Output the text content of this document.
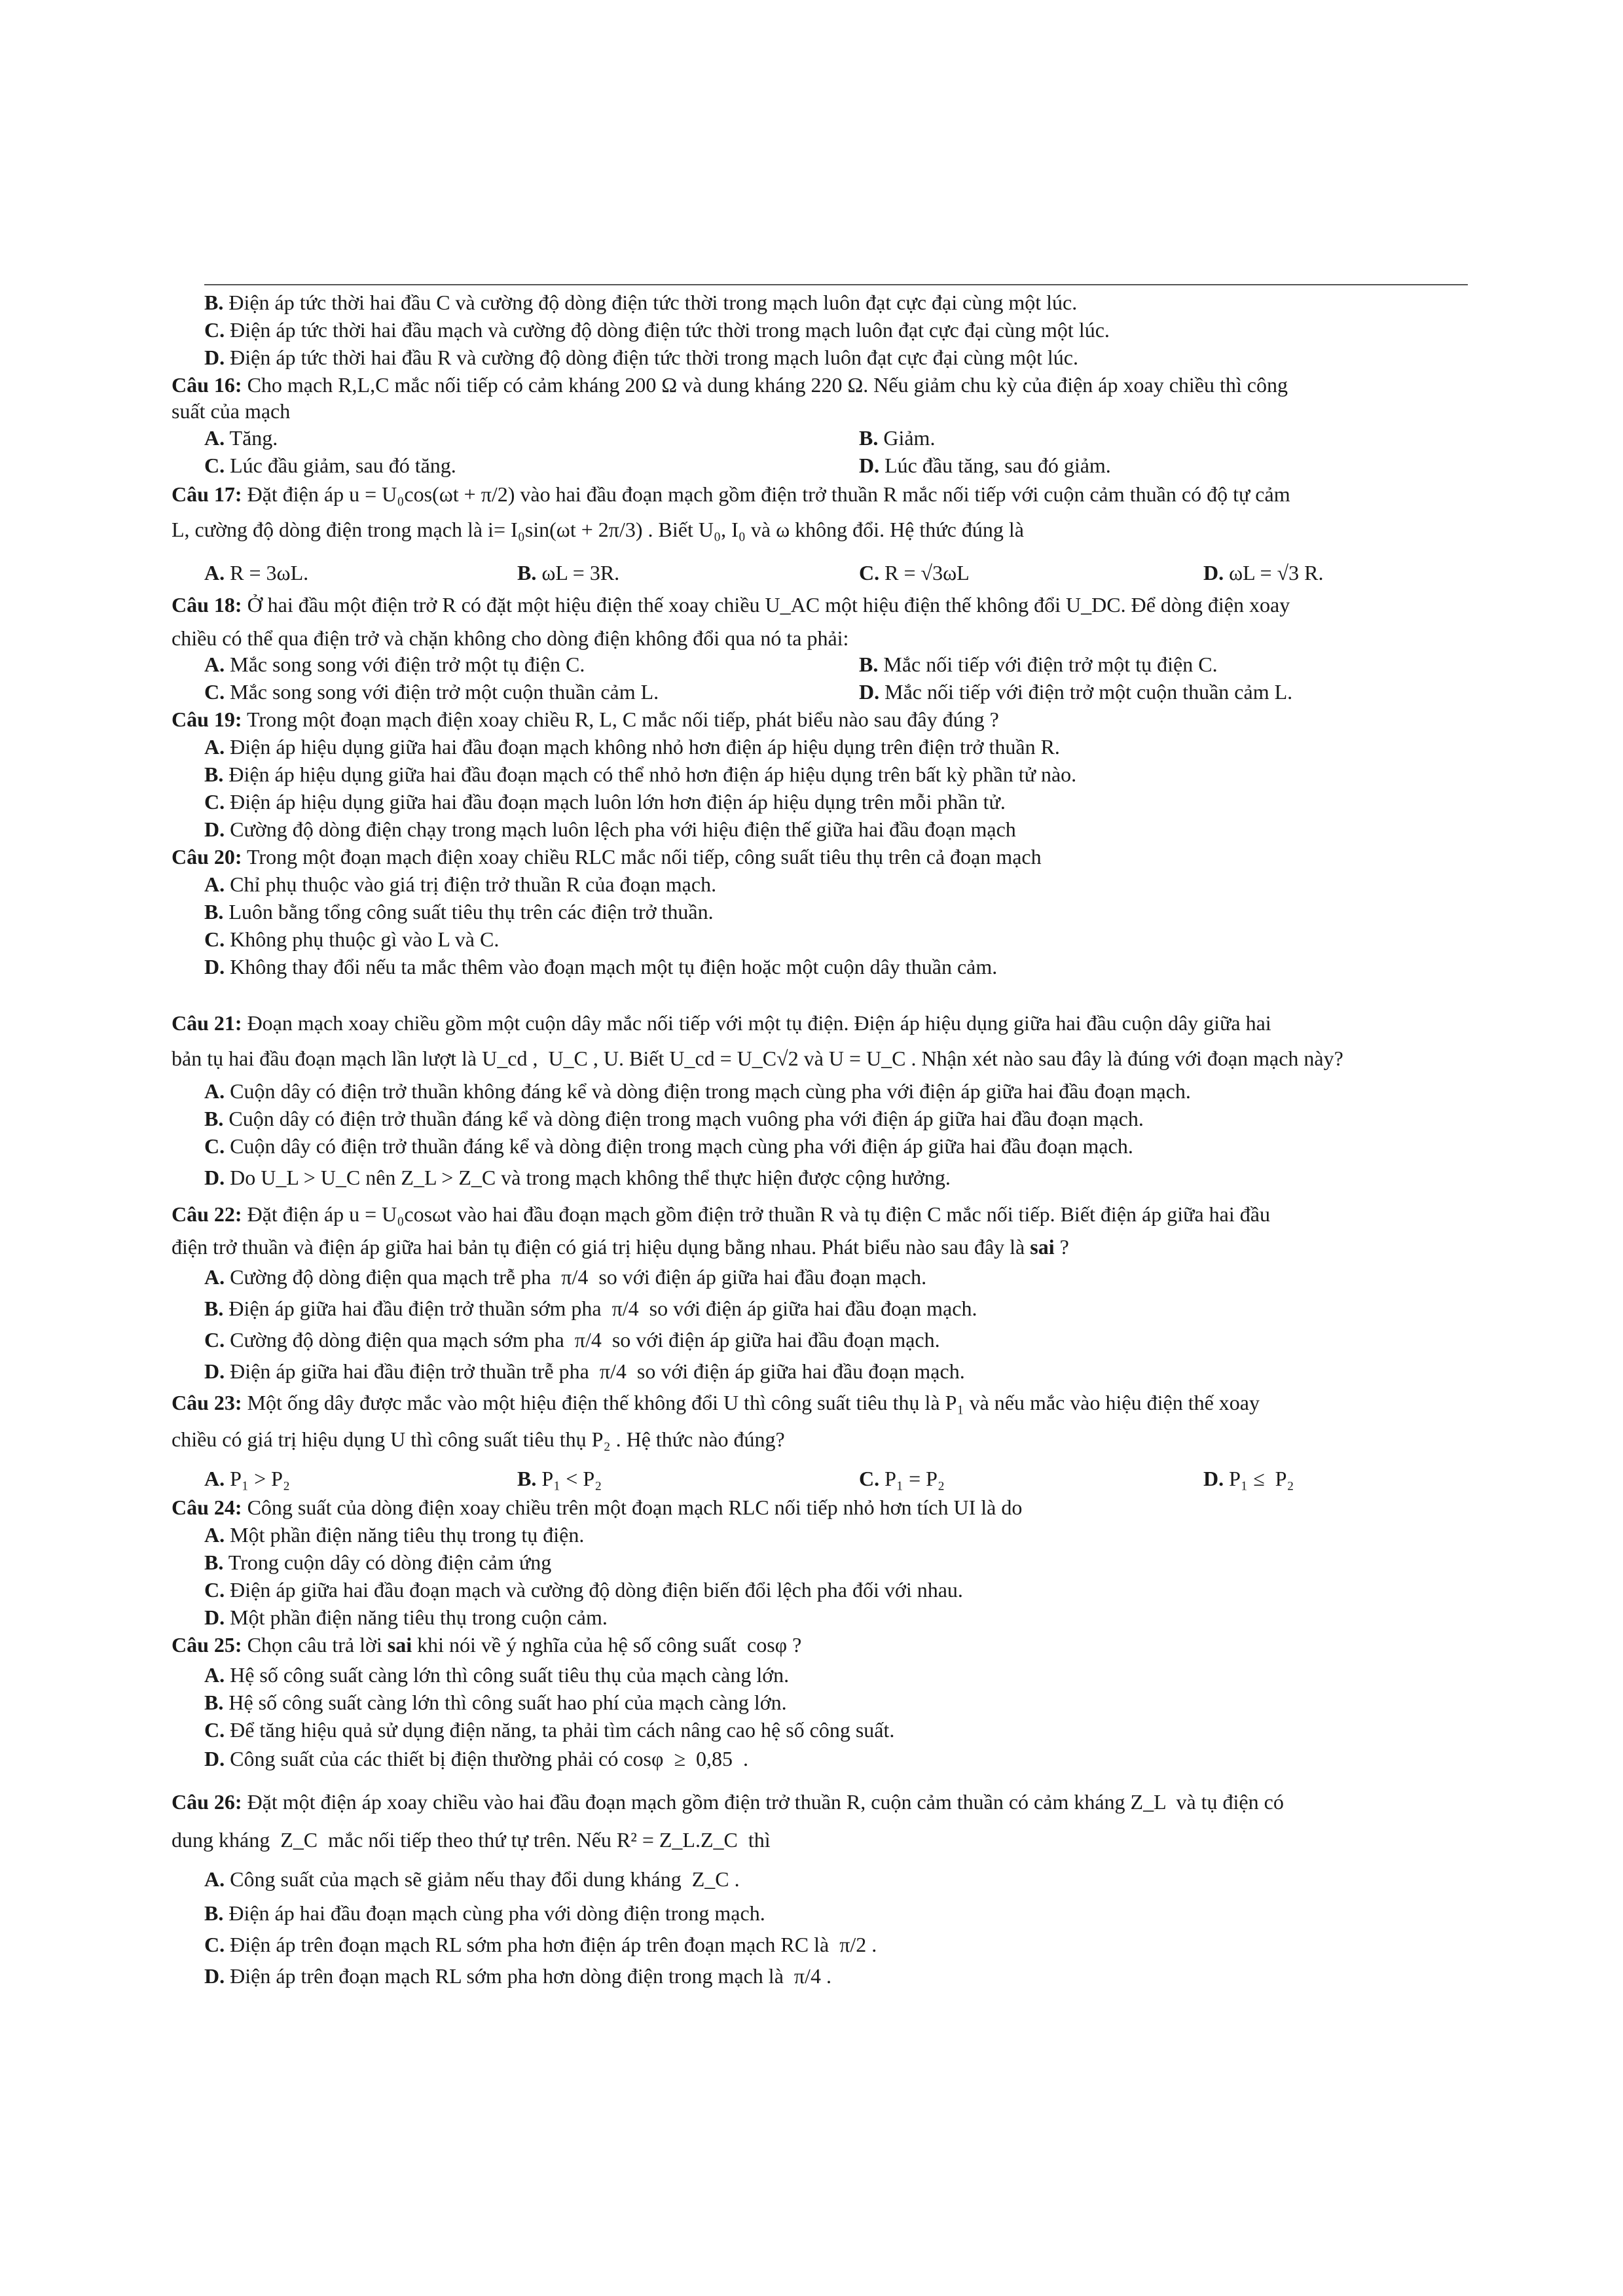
B. Điện áp tức thời hai đầu C và cường độ dòng điện tức thời trong mạch luôn đạt cực đại cùng một lúc.
C. Điện áp tức thời hai đầu mạch và cường độ dòng điện tức thời trong mạch luôn đạt cực đại cùng một lúc.
D. Điện áp tức thời hai đầu R và cường độ dòng điện tức thời trong mạch luôn đạt cực đại cùng một lúc.
Câu 16: Cho mạch R,L,C mắc nối tiếp có cảm kháng 200 Ω và dung kháng 220 Ω. Nếu giảm chu kỳ của điện áp xoay chiều thì công
suất của mạch
A. Tăng.	B. Giảm.
C. Lúc đầu giảm, sau đó tăng.	D. Lúc đầu tăng, sau đó giảm.
Câu 17: Đặt điện áp u = U₀cos(ωt + π/2) vào hai đầu đoạn mạch gồm điện trở thuần R mắc nối tiếp với cuộn cảm thuần có độ tự cảm
L, cường độ dòng điện trong mạch là i= I₀sin(ωt + 2π/3) . Biết U₀, I₀ và ω không đổi. Hệ thức đúng là
A. R = 3ωL.	B. ωL = 3R.	C. R = √3ωL	D. ωL = √3 R.
Câu 18: Ở hai đầu một điện trở R có đặt một hiệu điện thế xoay chiều U_AC một hiệu điện thế không đổi U_DC. Để dòng điện xoay
chiều có thể qua điện trở và chặn không cho dòng điện không đổi qua nó ta phải:
A. Mắc song song với điện trở một tụ điện C.	B. Mắc nối tiếp với điện trở một tụ điện C.
C. Mắc song song với điện trở một cuộn thuần cảm L.	D. Mắc nối tiếp với điện trở một cuộn thuần cảm L.
Câu 19: Trong một đoạn mạch điện xoay chiều R, L, C mắc nối tiếp, phát biểu nào sau đây đúng ?
A. Điện áp hiệu dụng giữa hai đầu đoạn mạch không nhỏ hơn điện áp hiệu dụng trên điện trở thuần R.
B. Điện áp hiệu dụng giữa hai đầu đoạn mạch có thể nhỏ hơn điện áp hiệu dụng trên bất kỳ phần tử nào.
C. Điện áp hiệu dụng giữa hai đầu đoạn mạch luôn lớn hơn điện áp hiệu dụng trên mỗi phần tử.
D. Cường độ dòng điện chạy trong mạch luôn lệch pha với hiệu điện thế giữa hai đầu đoạn mạch
Câu 20: Trong một đoạn mạch điện xoay chiều RLC mắc nối tiếp, công suất tiêu thụ trên cả đoạn mạch
A. Chỉ phụ thuộc vào giá trị điện trở thuần R của đoạn mạch.
B. Luôn bằng tổng công suất tiêu thụ trên các điện trở thuần.
C. Không phụ thuộc gì vào L và C.
D. Không thay đổi nếu ta mắc thêm vào đoạn mạch một tụ điện hoặc một cuộn dây thuần cảm.
Câu 21: Đoạn mạch xoay chiều gồm một cuộn dây mắc nối tiếp với một tụ điện. Điện áp hiệu dụng giữa hai đầu cuộn dây giữa hai
bản tụ hai đầu đoạn mạch lần lượt là U_cd ,  U_C , U. Biết U_cd = U_C√2 và U = U_C . Nhận xét nào sau đây là đúng với đoạn mạch này?
A. Cuộn dây có điện trở thuần không đáng kể và dòng điện trong mạch cùng pha với điện áp giữa hai đầu đoạn mạch.
B. Cuộn dây có điện trở thuần đáng kể và dòng điện trong mạch vuông pha với điện áp giữa hai đầu đoạn mạch.
C. Cuộn dây có điện trở thuần đáng kể và dòng điện trong mạch cùng pha với điện áp giữa hai đầu đoạn mạch.
D. Do U_L > U_C nên Z_L > Z_C và trong mạch không thể thực hiện được cộng hưởng.
Câu 22: Đặt điện áp u = U₀cosωt vào hai đầu đoạn mạch gồm điện trở thuần R và tụ điện C mắc nối tiếp. Biết điện áp giữa hai đầu
điện trở thuần và điện áp giữa hai bản tụ điện có giá trị hiệu dụng bằng nhau. Phát biểu nào sau đây là sai ?
A. Cường độ dòng điện qua mạch trễ pha  π/4  so với điện áp giữa hai đầu đoạn mạch.
B. Điện áp giữa hai đầu điện trở thuần sớm pha  π/4  so với điện áp giữa hai đầu đoạn mạch.
C. Cường độ dòng điện qua mạch sớm pha  π/4  so với điện áp giữa hai đầu đoạn mạch.
D. Điện áp giữa hai đầu điện trở thuần trễ pha  π/4  so với điện áp giữa hai đầu đoạn mạch.
Câu 23: Một ống dây được mắc vào một hiệu điện thế không đổi U thì công suất tiêu thụ là P₁ và nếu mắc vào hiệu điện thế xoay
chiều có giá trị hiệu dụng U thì công suất tiêu thụ P₂ . Hệ thức nào đúng?
A. P₁ > P₂	B. P₁ < P₂	C. P₁ = P₂	D. P₁ ≤  P₂
Câu 24: Công suất của dòng điện xoay chiều trên một đoạn mạch RLC nối tiếp nhỏ hơn tích UI là do
A. Một phần điện năng tiêu thụ trong tụ điện.
B. Trong cuộn dây có dòng điện cảm ứng
C. Điện áp giữa hai đầu đoạn mạch và cường độ dòng điện biến đổi lệch pha đối với nhau.
D. Một phần điện năng tiêu thụ trong cuộn cảm.
Câu 25: Chọn câu trả lời sai khi nói về ý nghĩa của hệ số công suất  cosφ ?
A. Hệ số công suất càng lớn thì công suất tiêu thụ của mạch càng lớn.
B. Hệ số công suất càng lớn thì công suất hao phí của mạch càng lớn.
C. Để tăng hiệu quả sử dụng điện năng, ta phải tìm cách nâng cao hệ số công suất.
D. Công suất của các thiết bị điện thường phải có cosφ  ≥  0,85  .
Câu 26: Đặt một điện áp xoay chiều vào hai đầu đoạn mạch gồm điện trở thuần R, cuộn cảm thuần có cảm kháng Z_L  và tụ điện có
dung kháng  Z_C  mắc nối tiếp theo thứ tự trên. Nếu R² = Z_L.Z_C  thì
A. Công suất của mạch sẽ giảm nếu thay đổi dung kháng  Z_C .
B. Điện áp hai đầu đoạn mạch cùng pha với dòng điện trong mạch.
C. Điện áp trên đoạn mạch RL sớm pha hơn điện áp trên đoạn mạch RC là  π/2 .
D. Điện áp trên đoạn mạch RL sớm pha hơn dòng điện trong mạch là  π/4 .
